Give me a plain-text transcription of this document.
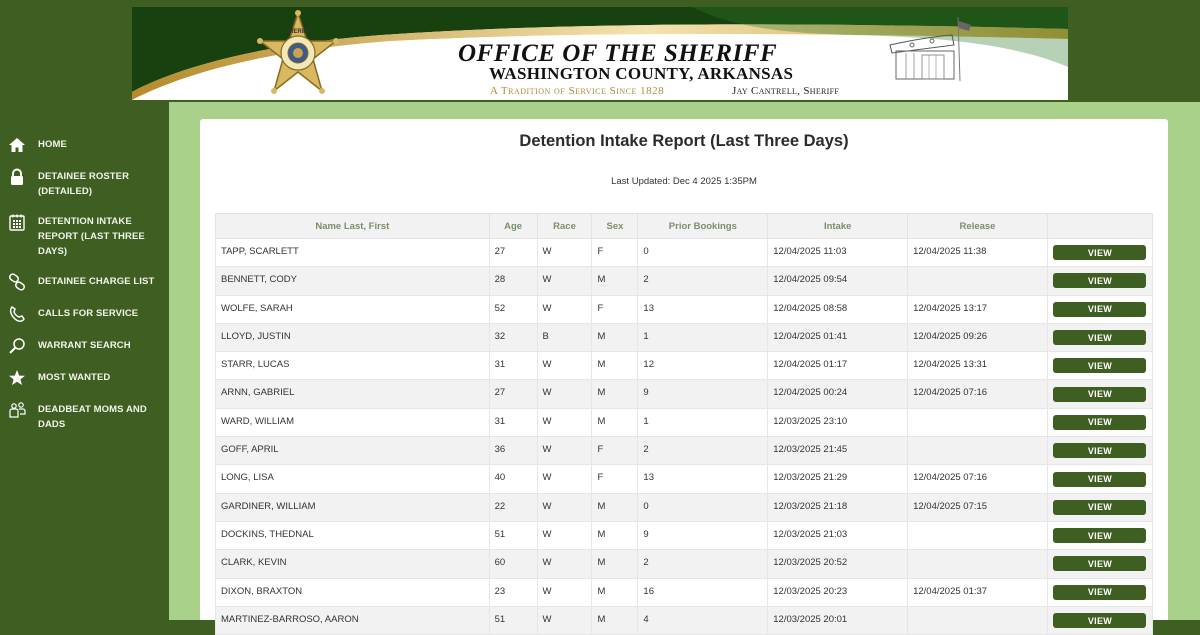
SHERIFF
OFFICE OF THE SHERIFF
WASHINGTON COUNTY, ARKANSAS
A Tradition of Service Since 1828	Jay Cantrell, Sheriff
HOME
DETAINEE ROSTER (DETAILED)
DETENTION INTAKE REPORT (LAST THREE DAYS)
DETAINEE CHARGE LIST
CALLS FOR SERVICE
WARRANT SEARCH
MOST WANTED
DEADBEAT MOMS AND DADS
Detention Intake Report (Last Three Days)
Last Updated: Dec 4 2025 1:35PM
Name Last, First	Age	Race	Sex	Prior Bookings	Intake	Release	
TAPP, SCARLETT	27	W	F	0	12/04/2025 11:03	12/04/2025 11:38	VIEW

BENNETT, CODY	28	W	M	2	12/04/2025 09:54		VIEW

WOLFE, SARAH	52	W	F	13	12/04/2025 08:58	12/04/2025 13:17	VIEW

LLOYD, JUSTIN	32	B	M	1	12/04/2025 01:41	12/04/2025 09:26	VIEW

STARR, LUCAS	31	W	M	12	12/04/2025 01:17	12/04/2025 13:31	VIEW

ARNN, GABRIEL	27	W	M	9	12/04/2025 00:24	12/04/2025 07:16	VIEW

WARD, WILLIAM	31	W	M	1	12/03/2025 23:10		VIEW

GOFF, APRIL	36	W	F	2	12/03/2025 21:45		VIEW

LONG, LISA	40	W	F	13	12/03/2025 21:29	12/04/2025 07:16	VIEW

GARDINER, WILLIAM	22	W	M	0	12/03/2025 21:18	12/04/2025 07:15	VIEW

DOCKINS, THEDNAL	51	W	M	9	12/03/2025 21:03		VIEW

CLARK, KEVIN	60	W	M	2	12/03/2025 20:52		VIEW

DIXON, BRAXTON	23	W	M	16	12/03/2025 20:23	12/04/2025 01:37	VIEW

MARTINEZ-BARROSO, AARON	51	W	M	4	12/03/2025 20:01		VIEW
